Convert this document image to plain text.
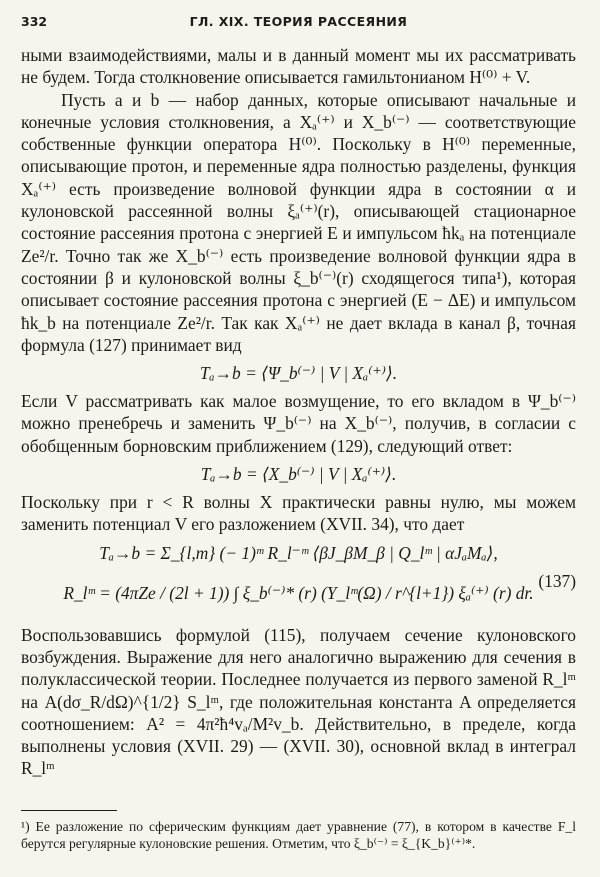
332	ГЛ. XIX. ТЕОРИЯ РАССЕЯНИЯ

ными взаимодействиями, малы и в данный момент мы их рассматривать не будем. Тогда столкновение описывается гамильтонианом H⁽⁰⁾ + V.

Пусть a и b — набор данных, которые описывают начальные и конечные условия столкновения, а Xₐ⁽⁺⁾ и X_b⁽⁻⁾ — соответствующие собственные функции оператора H⁽⁰⁾. Поскольку в H⁽⁰⁾ переменные, описывающие протон, и переменные ядра полностью разделены, функция Xₐ⁽⁺⁾ есть произведение волновой функции ядра в состоянии α и кулоновской рассеянной волны ξₐ⁽⁺⁾(r), описывающей стационарное состояние рассеяния протона с энергией E и импульсом ħkₐ на потенциале Ze²/r. Точно так же X_b⁽⁻⁾ есть произведение волновой функции ядра в состоянии β и кулоновской волны ξ_b⁽⁻⁾(r) сходящегося типа¹), которая описывает состояние рассеяния протона с энергией (E − ΔE) и импульсом ħk_b на потенциале Ze²/r. Так как Xₐ⁽⁺⁾ не дает вклада в канал β, точная формула (127) принимает вид

Tₐ→b = ⟨Ψ_b⁽⁻⁾ | V | Xₐ⁽⁺⁾⟩.

Если V рассматривать как малое возмущение, то его вкладом в Ψ_b⁽⁻⁾ можно пренебречь и заменить Ψ_b⁽⁻⁾ на X_b⁽⁻⁾, получив, в согласии с обобщенным борновским приближением (129), следующий ответ:

Tₐ→b = ⟨X_b⁽⁻⁾ | V | Xₐ⁽⁺⁾⟩.

Поскольку при r < R волны X практически равны нулю, мы можем заменить потенциал V его разложением (XVII. 34), что дает

Tₐ→b = Σ_{l,m} (− 1)ᵐ R_l⁻ᵐ ⟨βJ_βM_β | Q_lᵐ | αJₐMₐ⟩,
R_lᵐ = (4πZe / (2l + 1)) ∫ ξ_b⁽⁻⁾* (r) (Y_lᵐ(Ω) / r^{l+1}) ξₐ⁽⁺⁾ (r) dr.
(137)

Воспользовавшись формулой (115), получаем сечение кулоновского возбуждения. Выражение для него аналогично выражению для сечения в полуклассической теории. Последнее получается из первого заменой R_lᵐ на A(dσ_R/dΩ)^{1/2} S_lᵐ, где положительная константа A определяется соотношением: A² = 4π²ħ⁴vₐ/M²v_b. Действительно, в пределе, когда выполнены условия (XVII. 29) — (XVII. 30), основной вклад в интеграл R_lᵐ

¹) Ее разложение по сферическим функциям дает уравнение (77), в котором в качестве F_l берутся регулярные кулоновские решения. Отметим, что ξ_b⁽⁻⁾ = ξ_{K_b}⁽⁺⁾*.
